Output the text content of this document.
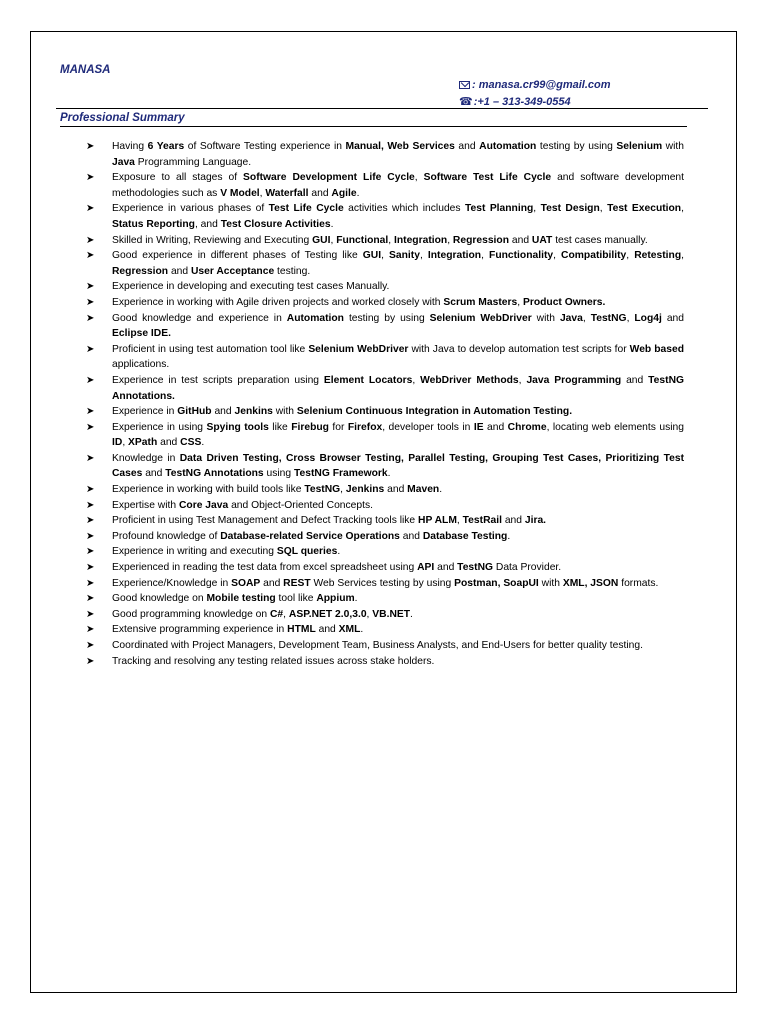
MANASA
: manasa.cr99@gmail.com
☎:+1 – 313-349-0554
Professional Summary
➤ Having 6 Years of Software Testing experience in Manual, Web Services and Automation testing by using Selenium with Java Programming Language.
➤ Exposure to all stages of Software Development Life Cycle, Software Test Life Cycle and software development methodologies such as V Model, Waterfall and Agile.
➤ Experience in various phases of Test Life Cycle activities which includes Test Planning, Test Design, Test Execution, Status Reporting, and Test Closure Activities.
➤ Skilled in Writing, Reviewing and Executing GUI, Functional, Integration, Regression and UAT test cases manually.
➤ Good experience in different phases of Testing like GUI, Sanity, Integration, Functionality, Compatibility, Retesting, Regression and User Acceptance testing.
➤ Experience in developing and executing test cases Manually.
➤ Experience in working with Agile driven projects and worked closely with Scrum Masters, Product Owners.
➤ Good knowledge and experience in Automation testing by using Selenium WebDriver with Java, TestNG, Log4j and Eclipse IDE.
➤ Proficient in using test automation tool like Selenium WebDriver with Java to develop automation test scripts for Web based applications.
➤ Experience in test scripts preparation using Element Locators, WebDriver Methods, Java Programming and TestNG Annotations.
➤ Experience in GitHub and Jenkins with Selenium Continuous Integration in Automation Testing.
➤ Experience in using Spying tools like Firebug for Firefox, developer tools in IE and Chrome, locating web elements using ID, XPath and CSS.
➤ Knowledge in Data Driven Testing, Cross Browser Testing, Parallel Testing, Grouping Test Cases, Prioritizing Test Cases and TestNG Annotations using TestNG Framework.
➤ Experience in working with build tools like TestNG, Jenkins and Maven.
➤ Expertise with Core Java and Object-Oriented Concepts.
➤ Proficient in using Test Management and Defect Tracking tools like HP ALM, TestRail and Jira.
➤ Profound knowledge of Database-related Service Operations and Database Testing.
➤ Experience in writing and executing SQL queries.
➤ Experienced in reading the test data from excel spreadsheet using API and TestNG Data Provider.
➤ Experience/Knowledge in SOAP and REST Web Services testing by using Postman, SoapUI with XML, JSON formats.
➤ Good knowledge on Mobile testing tool like Appium.
➤ Good programming knowledge on C#, ASP.NET 2.0,3.0, VB.NET.
➤ Extensive programming experience in HTML and XML.
➤ Coordinated with Project Managers, Development Team, Business Analysts, and End-Users for better quality testing.
➤ Tracking and resolving any testing related issues across stake holders.
